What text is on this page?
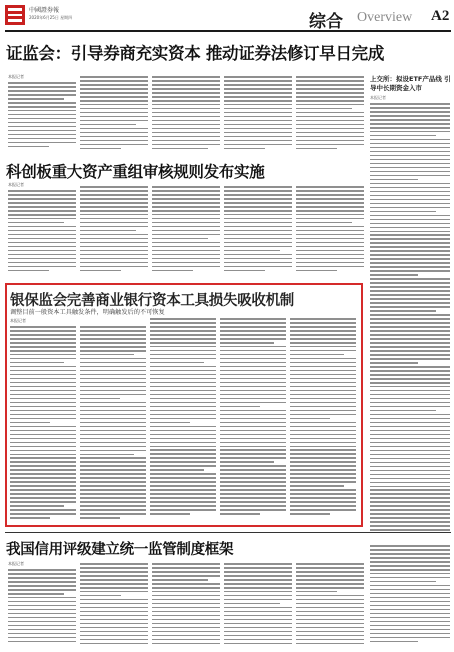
中國證券報
2020年6月25日 星期四	综合 Overview A2
证监会：引导券商充实资本 推动证券法修订早日完成
本报记者	上交所：拟设ETF产品线 引导中长期资金入市
本报记者
科创板重大资产重组审核规则发布实施
本报记者
银保监会完善商业银行资本工具损失吸收机制
调整目前一般资本工具触发条件，明确触发后的不可恢复
本报记者
我国信用评级建立统一监管制度框架
本报记者
